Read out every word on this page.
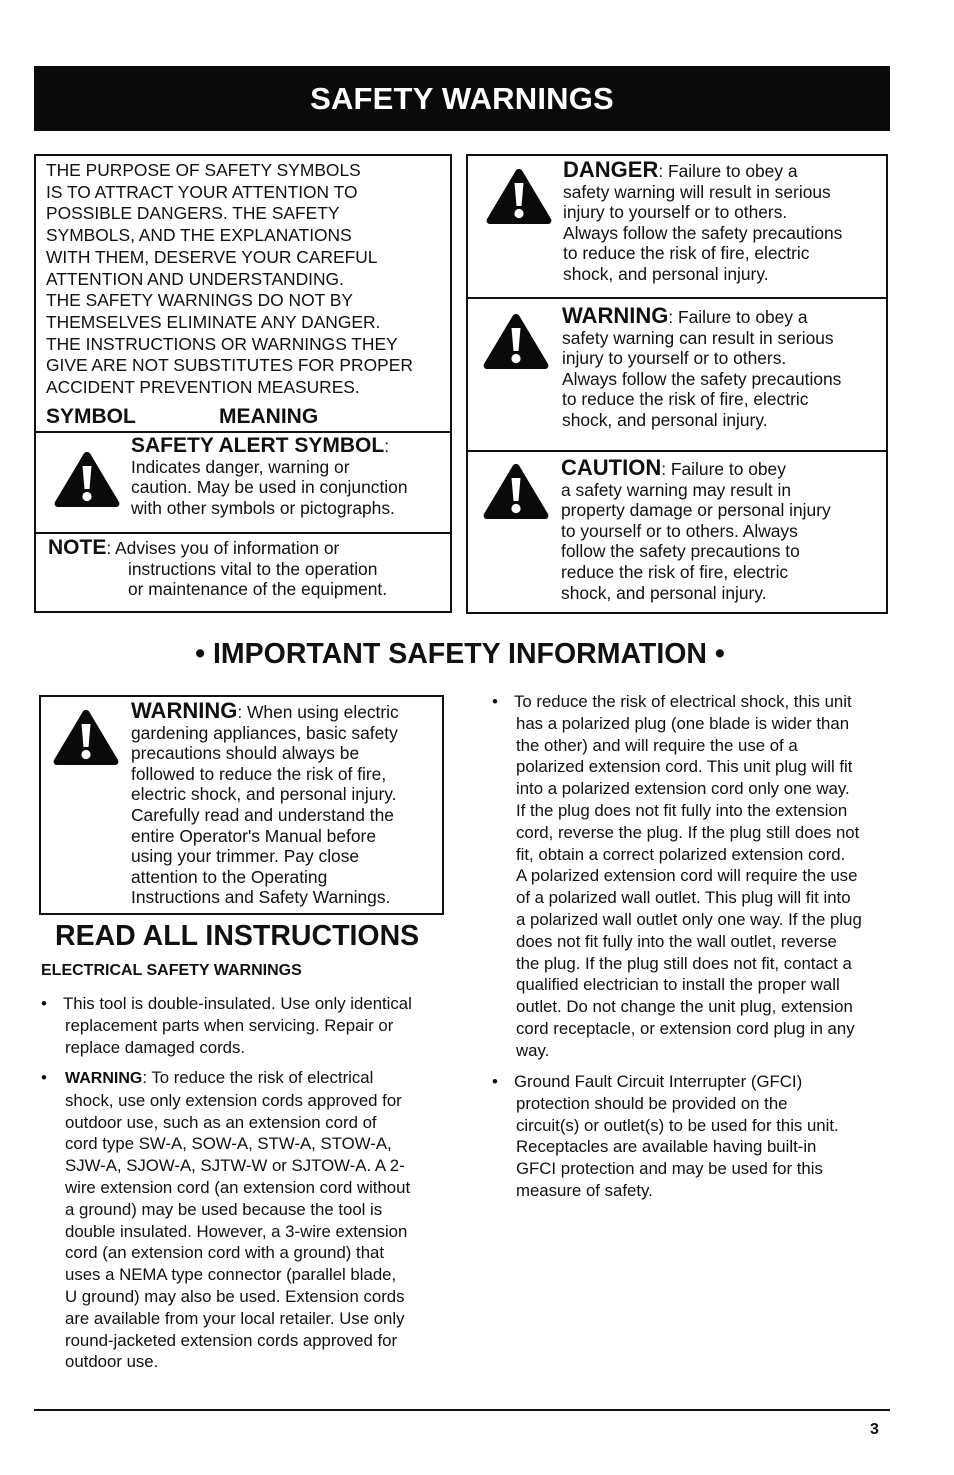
SAFETY WARNINGS
THE PURPOSE OF SAFETY SYMBOLS
IS TO ATTRACT YOUR ATTENTION TO
POSSIBLE DANGERS. THE SAFETY
SYMBOLS, AND THE EXPLANATIONS
WITH THEM, DESERVE YOUR CAREFUL
ATTENTION AND UNDERSTANDING.
THE SAFETY WARNINGS DO NOT BY
THEMSELVES ELIMINATE ANY DANGER.
THE INSTRUCTIONS OR WARNINGS THEY
GIVE ARE NOT SUBSTITUTES FOR PROPER
ACCIDENT PREVENTION MEASURES.
SYMBOL	MEANING
SAFETY ALERT SYMBOL:
Indicates danger, warning or
caution. May be used in conjunction
with other symbols or pictographs.
NOTE: Advises you of information or
instructions vital to the operation
or maintenance of the equipment.
DANGER: Failure to obey a
safety warning will result in serious
injury to yourself or to others.
Always follow the safety precautions
to reduce the risk of fire, electric
shock, and personal injury.
WARNING: Failure to obey a
safety warning can result in serious
injury to yourself or to others.
Always follow the safety precautions
to reduce the risk of fire, electric
shock, and personal injury.
CAUTION: Failure to obey
a safety warning may result in
property damage or personal injury
to yourself or to others. Always
follow the safety precautions to
reduce the risk of fire, electric
shock, and personal injury.
• IMPORTANT SAFETY INFORMATION •
WARNING: When using electric
gardening appliances, basic safety
precautions should always be
followed to reduce the risk of fire,
electric shock, and personal injury.
Carefully read and understand the
entire Operator's Manual before
using your trimmer. Pay close
attention to the Operating
Instructions and Safety Warnings.
READ ALL INSTRUCTIONS
ELECTRICAL SAFETY WARNINGS
• This tool is double-insulated. Use only identical
replacement parts when servicing. Repair or
replace damaged cords.
• WARNING: To reduce the risk of electrical
shock, use only extension cords approved for
outdoor use, such as an extension cord of
cord type SW-A, SOW-A, STW-A, STOW-A,
SJW-A, SJOW-A, SJTW-W or SJTOW-A. A 2-
wire extension cord (an extension cord without
a ground) may be used because the tool is
double insulated. However, a 3-wire extension
cord (an extension cord with a ground) that
uses a NEMA type connector (parallel blade,
U ground) may also be used. Extension cords
are available from your local retailer. Use only
round-jacketed extension cords approved for
outdoor use.
• To reduce the risk of electrical shock, this unit
has a polarized plug (one blade is wider than
the other) and will require the use of a
polarized extension cord. This unit plug will fit
into a polarized extension cord only one way.
If the plug does not fit fully into the extension
cord, reverse the plug. If the plug still does not
fit, obtain a correct polarized extension cord.
A polarized extension cord will require the use
of a polarized wall outlet. This plug will fit into
a polarized wall outlet only one way. If the plug
does not fit fully into the wall outlet, reverse
the plug. If the plug still does not fit, contact a
qualified electrician to install the proper wall
outlet. Do not change the unit plug, extension
cord receptacle, or extension cord plug in any
way.
• Ground Fault Circuit Interrupter (GFCI)
protection should be provided on the
circuit(s) or outlet(s) to be used for this unit.
Receptacles are available having built-in
GFCI protection and may be used for this
measure of safety.
3
